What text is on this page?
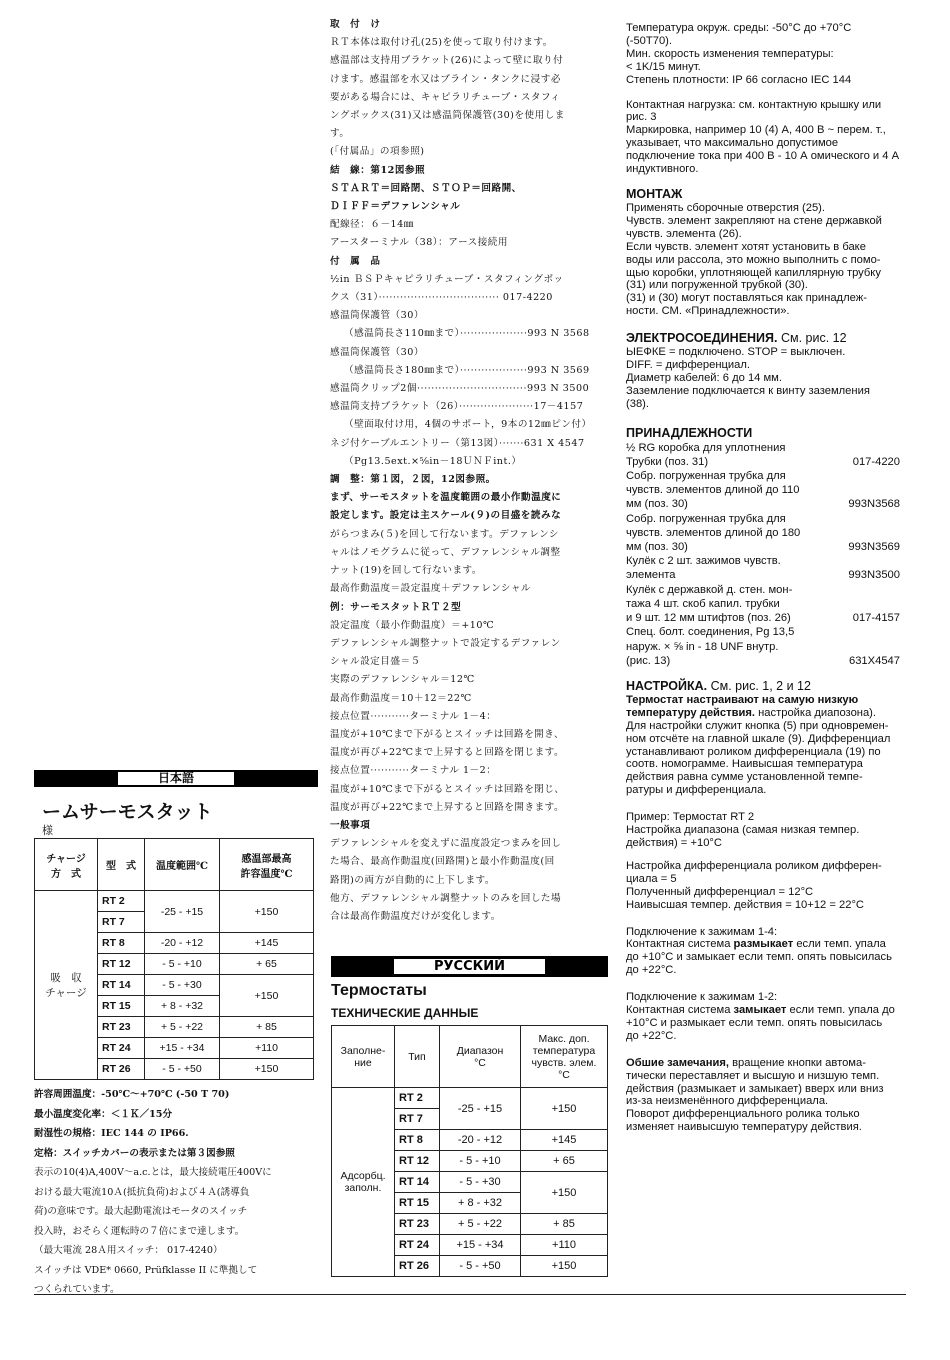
日本語
ームサーモスタット
様
チャージ
方　式	型　式	温度範囲℃	感温部最高
許容温度℃
吸　収
チャージ	RT 2	-25 - +15	+150
	RT 7		
	RT 8	-20 - +12	+145
	RT 12	- 5 - +10	+ 65
	RT 14	- 5 - +30	+150
	RT 15	+ 8 - +32	
	RT 23	+ 5 - +22	+ 85
	RT 24	+15 - +34	+110
	RT 26	- 5 - +50	+150
許容周囲温度：-50℃～+70℃ (-50 T 70)
最小温度変化率：＜１Ｋ／15分
耐湿性の規格：IEC 144 の IP66.
定格：スイッチカバーの表示または第３図参照
表示の10(4)A,400V～a.c.とは，最大接続電圧400Vに
おける最大電流10Ａ(抵抗負荷)および４Ａ(誘導負
荷)の意味です。最大起動電流はモータのスイッチ
投入時，おそらく運転時の７倍にまで達します。
（最大電流 28Ａ用スイッチ： 017-4240）
スイッチは VDE* 0660, Prüfklasse II に準拠して
つくられています。
取　付　け
ＲＴ本体は取付け孔(25)を使って取り付けます。
感温部は支持用ブラケット(26)によって壁に取り付
けます。感温部を水又はブライン・タンクに浸す必
要がある場合には、キャピラリチューブ・スタフィ
ングボックス(31)又は感温筒保護管(30)を使用しま
す。
(「付属品」の項参照)
結　線：第12図参照
ＳＴＡＲＴ＝回路閉、ＳＴＯＰ＝回路開、
ＤＩＦＦ＝デファレンシャル
配線径：６－14㎜
アースターミナル（38）：アース接続用
付　属　品
½in ＢＳＰキャピラリチューブ・スタフィングボッ
クス（31）·································· 017-4220
感温筒保護管（30）
（感温筒長さ110㎜まで）···················993 N 3568
感温筒保護管（30）
（感温筒長さ180㎜まで）···················993 N 3569
感温筒クリップ2個·······························993 N 3500
感温筒支持ブラケット（26）·····················17－4157
（壁面取付け用，4個のサポート，9本の12㎜ピン付）
ネジ付ケーブルエントリー（第13図）·······631 X 4547
（Pg13.5ext.×⅝in－18ＵＮＦint.）
調　整：第１図，２図，12図参照。
まず、サーモスタットを温度範囲の最小作動温度に
設定します。設定は主スケール(９)の目盛を読みな
がらつまみ(５)を回して行ないます。デファレンシ
ャルはノモグラムに従って、デファレンシャル調整
ナット(19)を回して行ないます。
最高作動温度＝設定温度＋デファレンシャル
例：サーモスタットＲＴ２型
設定温度（最小作動温度）＝+10℃
デファレンシャル調整ナットで設定するデファレン
シャル設定目盛＝５
実際のデファレンシャル＝12℃
最高作動温度＝10＋12＝22℃
接点位置···········ターミナル 1－4：
温度が+10℃まで下がるとスイッチは回路を開き、
温度が再び+22℃まで上昇すると回路を閉じます。
接点位置···········ターミナル 1－2：
温度が+10℃まで下がるとスイッチは回路を閉じ、
温度が再び+22℃まで上昇すると回路を開きます。
一般事項
デファレンシャルを変えずに温度設定つまみを回し
た場合、最高作動温度(回路開)と最小作動温度(回
路閉)の両方が自動的に上下します。
他方、デファレンシャル調整ナットのみを回した場
合は最高作動温度だけが変化します。
РУССКИЙ
Термостаты
ТЕХНИЧЕСКИЕ ДАННЫЕ
Заполне-
ние	Тип	Диапазон
°C	Макс. доп.
температура
чувств. элем.
°C
Адсорбц.
заполн.	RT 2	-25 - +15	+150
	RT 7		
	RT 8	-20 - +12	+145
	RT 12	- 5 - +10	+ 65
	RT 14	- 5 - +30	+150
	RT 15	+ 8 - +32	
	RT 23	+ 5 - +22	+ 85
	RT 24	+15 - +34	+110
	RT 26	- 5 - +50	+150
Температура окруж. среды: -50°C до +70°C
(-50T70).
Мин. скорость изменения температуры:
< 1K/15 минут.
Степень плотности: IP 66 согласно IEC 144
Контактная нагрузка: см. контактную крышку или
рис. 3
Маркировка, например 10 (4) A, 400 B ~ перем. т.,
указывает, что максимально допустимое
подключение тока при 400 В - 10 А омического и 4 А
индуктивного.
МОНТАЖ
Применять сборочные отверстия (25).
Чувств. элемент закрепляют на стене державкой
чувств. элемента (26).
Если чувств. элемент хотят установить в баке
воды или рассола, это можно выполнить с помо-
щью коробки, уплотняющей капиллярную трубку
(31) или погруженной трубкой (30).
(31) и (30) могут поставляться как принадлеж-
ности. СМ. «Принадлежности».
ЭЛЕКТРОСОЕДИНЕНИЯ. См. рис. 12
ЫЕФКЕ = подключено. STOP = выключен.
DIFF. = дифференциал.
Диаметр кабелей: 6 до 14 мм.
Заземление подключается к винту заземления
(38).
ПРИНАДЛЕЖНОСТИ
½ RG коробка для уплотнения
Трубки (поз. 31)	017-4220
Собр. погруженная трубка для
чувств. элементов длиной до 110
мм (поз. 30)	993N3568
Собр. погруженная трубка для
чувств. элементов длиной до 180
мм (поз. 30)	993N3569
Кулёк с 2 шт. зажимов чувств.
элемента	993N3500
Кулёк с державкой д. стен. мон-
тажа 4 шт. скоб капил. трубки
и 9 шт. 12 мм штифтов (поз. 26)	017-4157
Спец. болт. соединения, Pg 13,5
наруж. × ⅝ in - 18 UNF внутр.
(рис. 13)	631X4547
НАСТРОЙКА. См. рис. 1, 2 и 12
Термостат настраивают на самую низкую
температуру действия. настройка диапозона).
Для настройки служит кнопка (5) при одновремен-
ном отсчёте на главной шкале (9). Дифференциал
устанавливают роликом дифференциала (19) по
соотв. номограмме. Наивысшая температура
действия равна сумме установленной темпе-
ратуры и дифференциала.
Пример: Термостат RT 2
Настройка диапазона (самая низкая темпер.
действия) = +10°C
Настройка дифференциала роликом дифферен-
циала = 5
Полученный дифференциал = 12°C
Наивысшая темпер. действия = 10+12 = 22°C
Подключение к зажимам 1-4:
Контактная система размыкает если темп. упала
до +10°C и замыкает если темп. опять повысилась
до +22°C.
Подключение к зажимам 1-2:
Контактная система замыкает если темп. упала до
+10°C и размыкает если темп. опять повысилась
до +22°C.
Обшие замечания, вращение кнопки автома-
тически переставляет и высшую и низшую темп.
действия (размыкает и замыкает) вверх или вниз
из-за неизменённого дифференциала.
Поворот дифференциального ролика только
изменяет наивысшую температуру действия.
